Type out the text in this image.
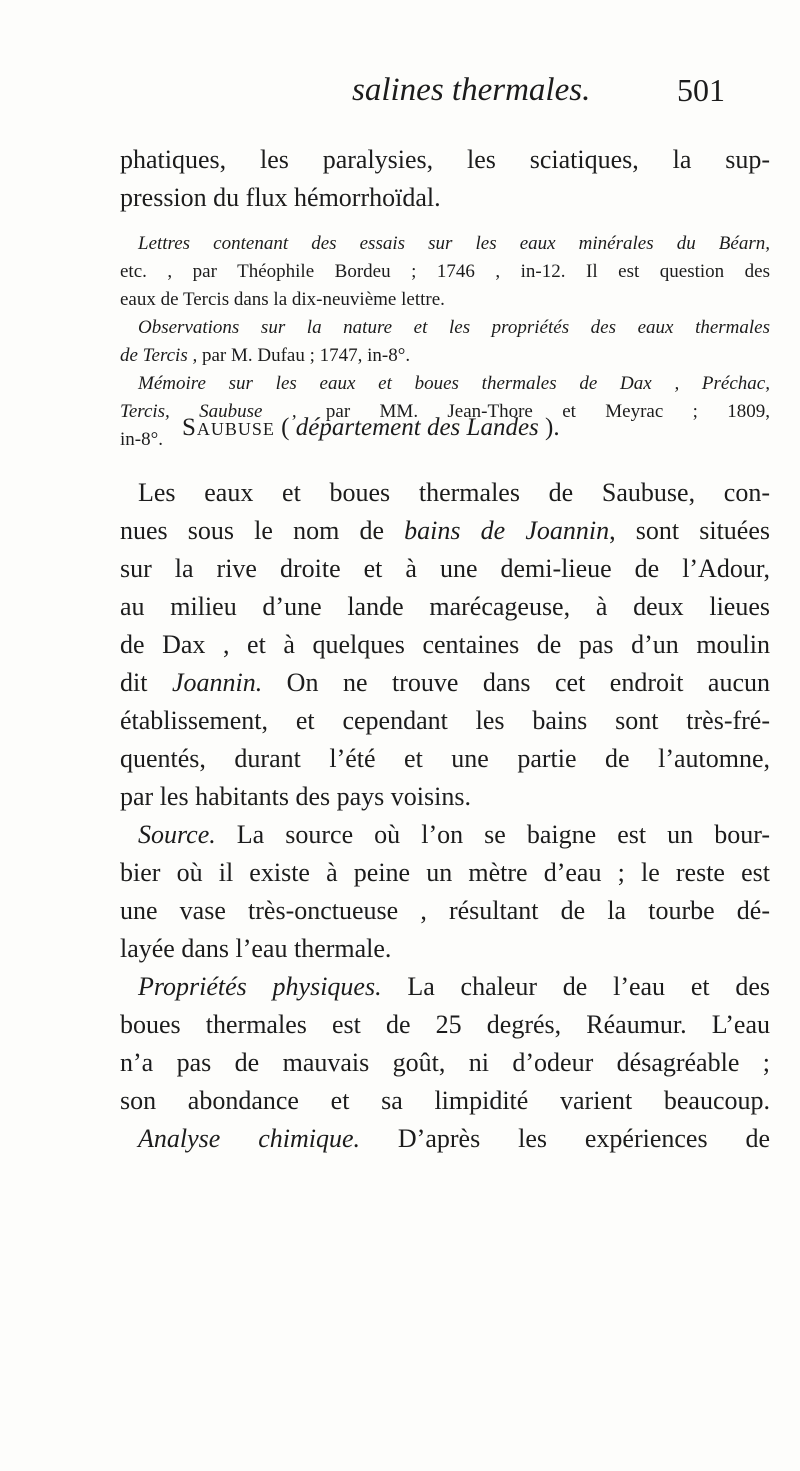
salines thermales.	501
phatiques, les paralysies, les sciatiques, la sup-
pression du flux hémorrhoïdal.
Lettres contenant des essais sur les eaux minérales du Béarn,
etc. , par Théophile Bordeu ; 1746 , in-12. Il est question des
eaux de Tercis dans la dix-neuvième lettre.
Observations sur la nature et les propriétés des eaux thermales
de Tercis , par M. Dufau ; 1747, in-8°.
Mémoire sur les eaux et boues thermales de Dax , Préchac,
Tercis, Saubuse , par MM. Jean-Thore et Meyrac ; 1809,
in-8°. Saubuse ( département des Landes ).
Les eaux et boues thermales de Saubuse, con-
nues sous le nom de bains de Joannin, sont situées
sur la rive droite et à une demi-lieue de l’Adour,
au milieu d’une lande marécageuse, à deux lieues
de Dax , et à quelques centaines de pas d’un moulin
dit Joannin. On ne trouve dans cet endroit aucun
établissement, et cependant les bains sont très-fré-
quentés, durant l’été et une partie de l’automne,
par les habitants des pays voisins.
Source. La source où l’on se baigne est un bour-
bier où il existe à peine un mètre d’eau ; le reste est
une vase très-onctueuse , résultant de la tourbe dé-
layée dans l’eau thermale.
Propriétés physiques. La chaleur de l’eau et des
boues thermales est de 25 degrés, Réaumur. L’eau
n’a pas de mauvais goût, ni d’odeur désagréable ;
son abondance et sa limpidité varient beaucoup.
Analyse chimique. D’après les expériences de
